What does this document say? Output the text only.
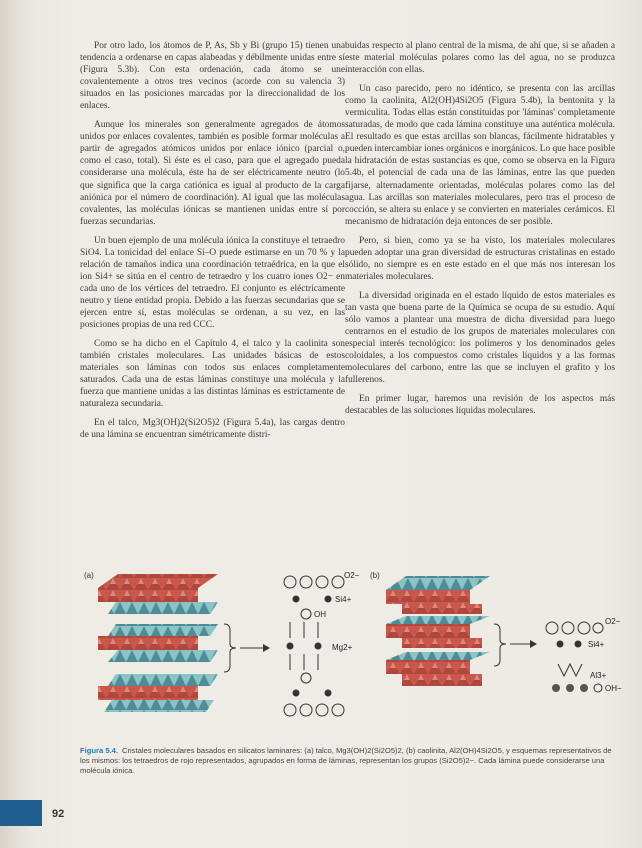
Por otro lado, los átomos de P, As, Sb y Bi (grupo 15) tienen una tendencia a ordenarse en capas alabeadas y débilmente unidas entre sí (Figura 5.3b). Con esta ordenación, cada átomo se une covalentemente a otros tres vecinos (acorde con su valencia 3) situados en las posiciones marcadas por la direccionalidad de los enlaces.

Aunque los minerales son generalmente agregados de átomos unidos por enlaces covalentes, también es posible formar moléculas a partir de agregados atómicos unidos por enlace iónico (parcial o, como el caso, total). Si éste es el caso, para que el agregado pueda considerarse una molécula, éste ha de ser eléctricamente neutro (lo que significa que la carga catiónica es igual al producto de la carga aniónica por el número de coordinación). Al igual que las moléculas covalentes, las moléculas iónicas se mantienen unidas entre sí por fuerzas secundarias.

Un buen ejemplo de una molécula iónica la constituye el tetraedro SiO4. La tonicidad del enlace Si–O puede estimarse en un 70 % y la relación de tamaños indica una coordinación tetraédrica, en la que el ion Si4+ se sitúa en el centro de tetraedro y los cuatro iones O2− en cada uno de los vértices del tetraedro. El conjunto es eléctricamente neutro y tiene entidad propia. Debido a las fuerzas secundarias que se ejercen entre sí, estas moléculas se ordenan, a su vez, en las posiciones propias de una red CCC.

Como se ha dicho en el Capítulo 4, el talco y la caolinita son también cristales moleculares. Las unidades básicas de estos materiales son láminas con todos sus enlaces completamente saturados. Cada una de estas láminas constituye una molécula y la fuerza que mantiene unidas a las distintas láminas es estrictamente de naturaleza secundaria.

En el talco, Mg3(OH)2(Si2O5)2 (Figura 5.4a), las cargas dentro de una lámina se encuentran simétricamente distri-

buidas respecto al plano central de la misma, de ahí que, si se añaden a este material moléculas polares como las del agua, no se produzca interacción con ellas.

Un caso parecido, pero no idéntico, se presenta con las arcillas como la caolinita, Al2(OH)4Si2O5 (Figura 5.4b), la bentonita y la vermiculita. Todas ellas están constituidas por 'láminas' completamente saturadas, de modo que cada lámina constituye una auténtica molécula. El resultado es que estas arcillas son blancas, fácilmente hidratables y pueden intercambiar iones orgánicos e inorgánicos. Lo que hace posible la hidratación de estas sustancias es que, como se observa en la Figura 5.4b, el potencial de cada una de las láminas, entre las que pueden fijarse, alternadamente orientadas, moléculas polares como las del agua. Las arcillas son materiales moleculares, pero tras el proceso de cocción, se altera su enlace y se convierten en materiales cerámicos. El mecanismo de hidratación deja entonces de ser posible.

Pero, si bien, como ya se ha visto, los materiales moleculares pueden adoptar una gran diversidad de estructuras cristalinas en estado sólido, no siempre es en este estado en el que más nos interesan los materiales moleculares.

La diversidad originada en el estado líquido de estos materiales es tan vasta que buena parte de la Química se ocupa de su estudio. Aquí sólo vamos a plantear una muestra de dicha diversidad para luego centrarnos en el estudio de los grupos de materiales moleculares con especial interés tecnológico: los polímeros y los denominados geles coloidales, a los compuestos como cristales líquidos y a las formas moleculares del carbono, entre las que se incluyen el grafito y los fullerenos.

En primer lugar, haremos una revisión de los aspectos más destacables de las soluciones líquidas moleculares.

(a)	O2−
Si4+
OH
Mg2+
(b)
O2−
Si4+
Al3+
OH−
Figura 5.4. Cristales moleculares basados en silicatos laminares: (a) talco, Mg3(OH)2(Si2O5)2, (b) caolinita, Al2(OH)4Si2O5, y esquemas representativos de los mismos: los tetraedros de rojo representados, agrupados en forma de láminas, representan los grupos (Si2O5)2−. Cada lámina puede considerarse una molécula iónica.
92
